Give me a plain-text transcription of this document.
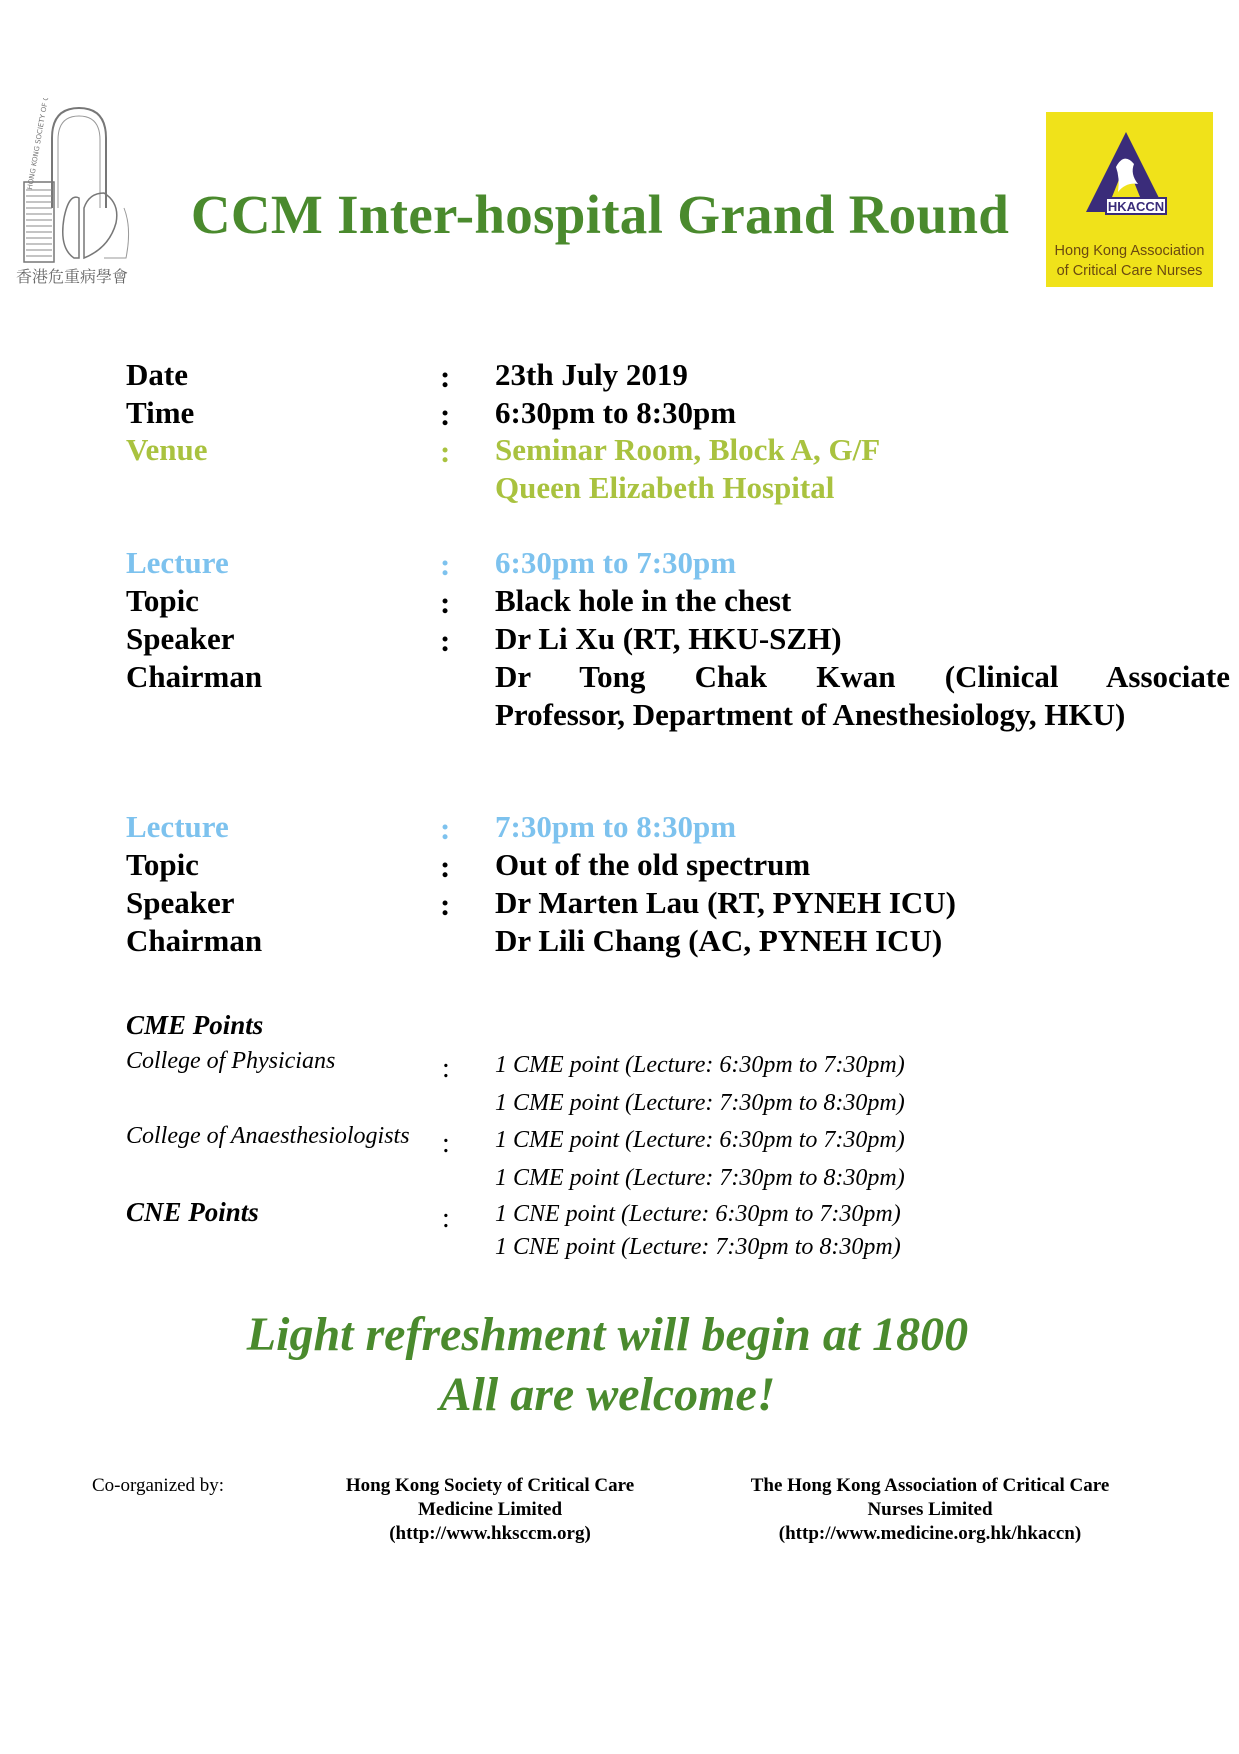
HONG KONG SOCIETY OF CRITICAL CARE
香港危重病學會
CCM Inter-hospital Grand Round	HKACCN
Hong Kong Association
of Critical Care Nurses
Date	: 23th July 2019
Time	: 6:30pm to 8:30pm
Venue	: Seminar Room, Block A, G/F
Queen Elizabeth Hospital
Lecture	: 6:30pm to 7:30pm
Topic	: Black hole in the chest
Speaker	: Dr Li Xu (RT, HKU-SZH)
Chairman	Dr Tong Chak Kwan (Clinical Associate
Professor, Department of Anesthesiology, HKU)
Lecture	: 7:30pm to 8:30pm
Topic	: Out of the old spectrum
Speaker	: Dr Marten Lau (RT, PYNEH ICU)
Chairman	Dr Lili Chang (AC, PYNEH ICU)
CME Points
College of Physicians	: 1 CME point (Lecture: 6:30pm to 7:30pm)
1 CME point (Lecture: 7:30pm to 8:30pm)
College of Anaesthesiologists : 1 CME point (Lecture: 6:30pm to 7:30pm)
1 CME point (Lecture: 7:30pm to 8:30pm)
CNE Points	: 1 CNE point (Lecture: 6:30pm to 7:30pm)
1 CNE point (Lecture: 7:30pm to 8:30pm)
Light refreshment will begin at 1800
All are welcome!
Co-organized by:	Hong Kong Society of Critical Care
Medicine Limited
(http://www.hksccm.org)
The Hong Kong Association of Critical Care
Nurses Limited
(http://www.medicine.org.hk/hkaccn)
